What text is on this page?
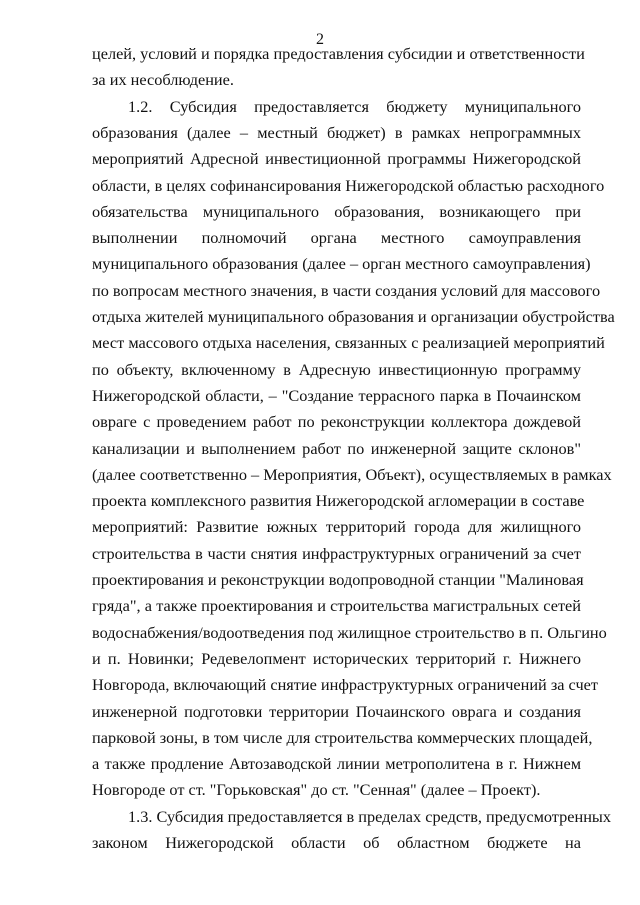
2
целей, условий и порядка предоставления субсидии и ответственности
за их несоблюдение.
1.2. Субсидия предоставляется бюджету муниципального
образования (далее – местный бюджет) в рамках непрограммных
мероприятий Адресной инвестиционной программы Нижегородской
области, в целях софинансирования Нижегородской областью расходного
обязательства муниципального образования, возникающего при
выполнении полномочий органа местного самоуправления
муниципального образования (далее – орган местного самоуправления)
по вопросам местного значения, в части создания условий для массового
отдыха жителей муниципального образования и организации обустройства
мест массового отдыха населения, связанных с реализацией мероприятий
по объекту, включенному в Адресную инвестиционную программу
Нижегородской области, – "Создание террасного парка в Почаинском
овраге с проведением работ по реконструкции коллектора дождевой
канализации и выполнением работ по инженерной защите склонов"
(далее соответственно – Мероприятия, Объект), осуществляемых в рамках
проекта комплексного развития Нижегородской агломерации в составе
мероприятий: Развитие южных территорий города для жилищного
строительства в части снятия инфраструктурных ограничений за счет
проектирования и реконструкции водопроводной станции "Малиновая
гряда", а также проектирования и строительства магистральных сетей
водоснабжения/водоотведения под жилищное строительство в п. Ольгино
и п. Новинки; Редевелопмент исторических территорий г. Нижнего
Новгорода, включающий снятие инфраструктурных ограничений за счет
инженерной подготовки территории Почаинского оврага и создания
парковой зоны, в том числе для строительства коммерческих площадей,
а также продление Автозаводской линии метрополитена в г. Нижнем
Новгороде от ст. "Горьковская" до ст. "Сенная" (далее – Проект).
1.3. Субсидия предоставляется в пределах средств, предусмотренных
законом Нижегородской области об областном бюджете на
